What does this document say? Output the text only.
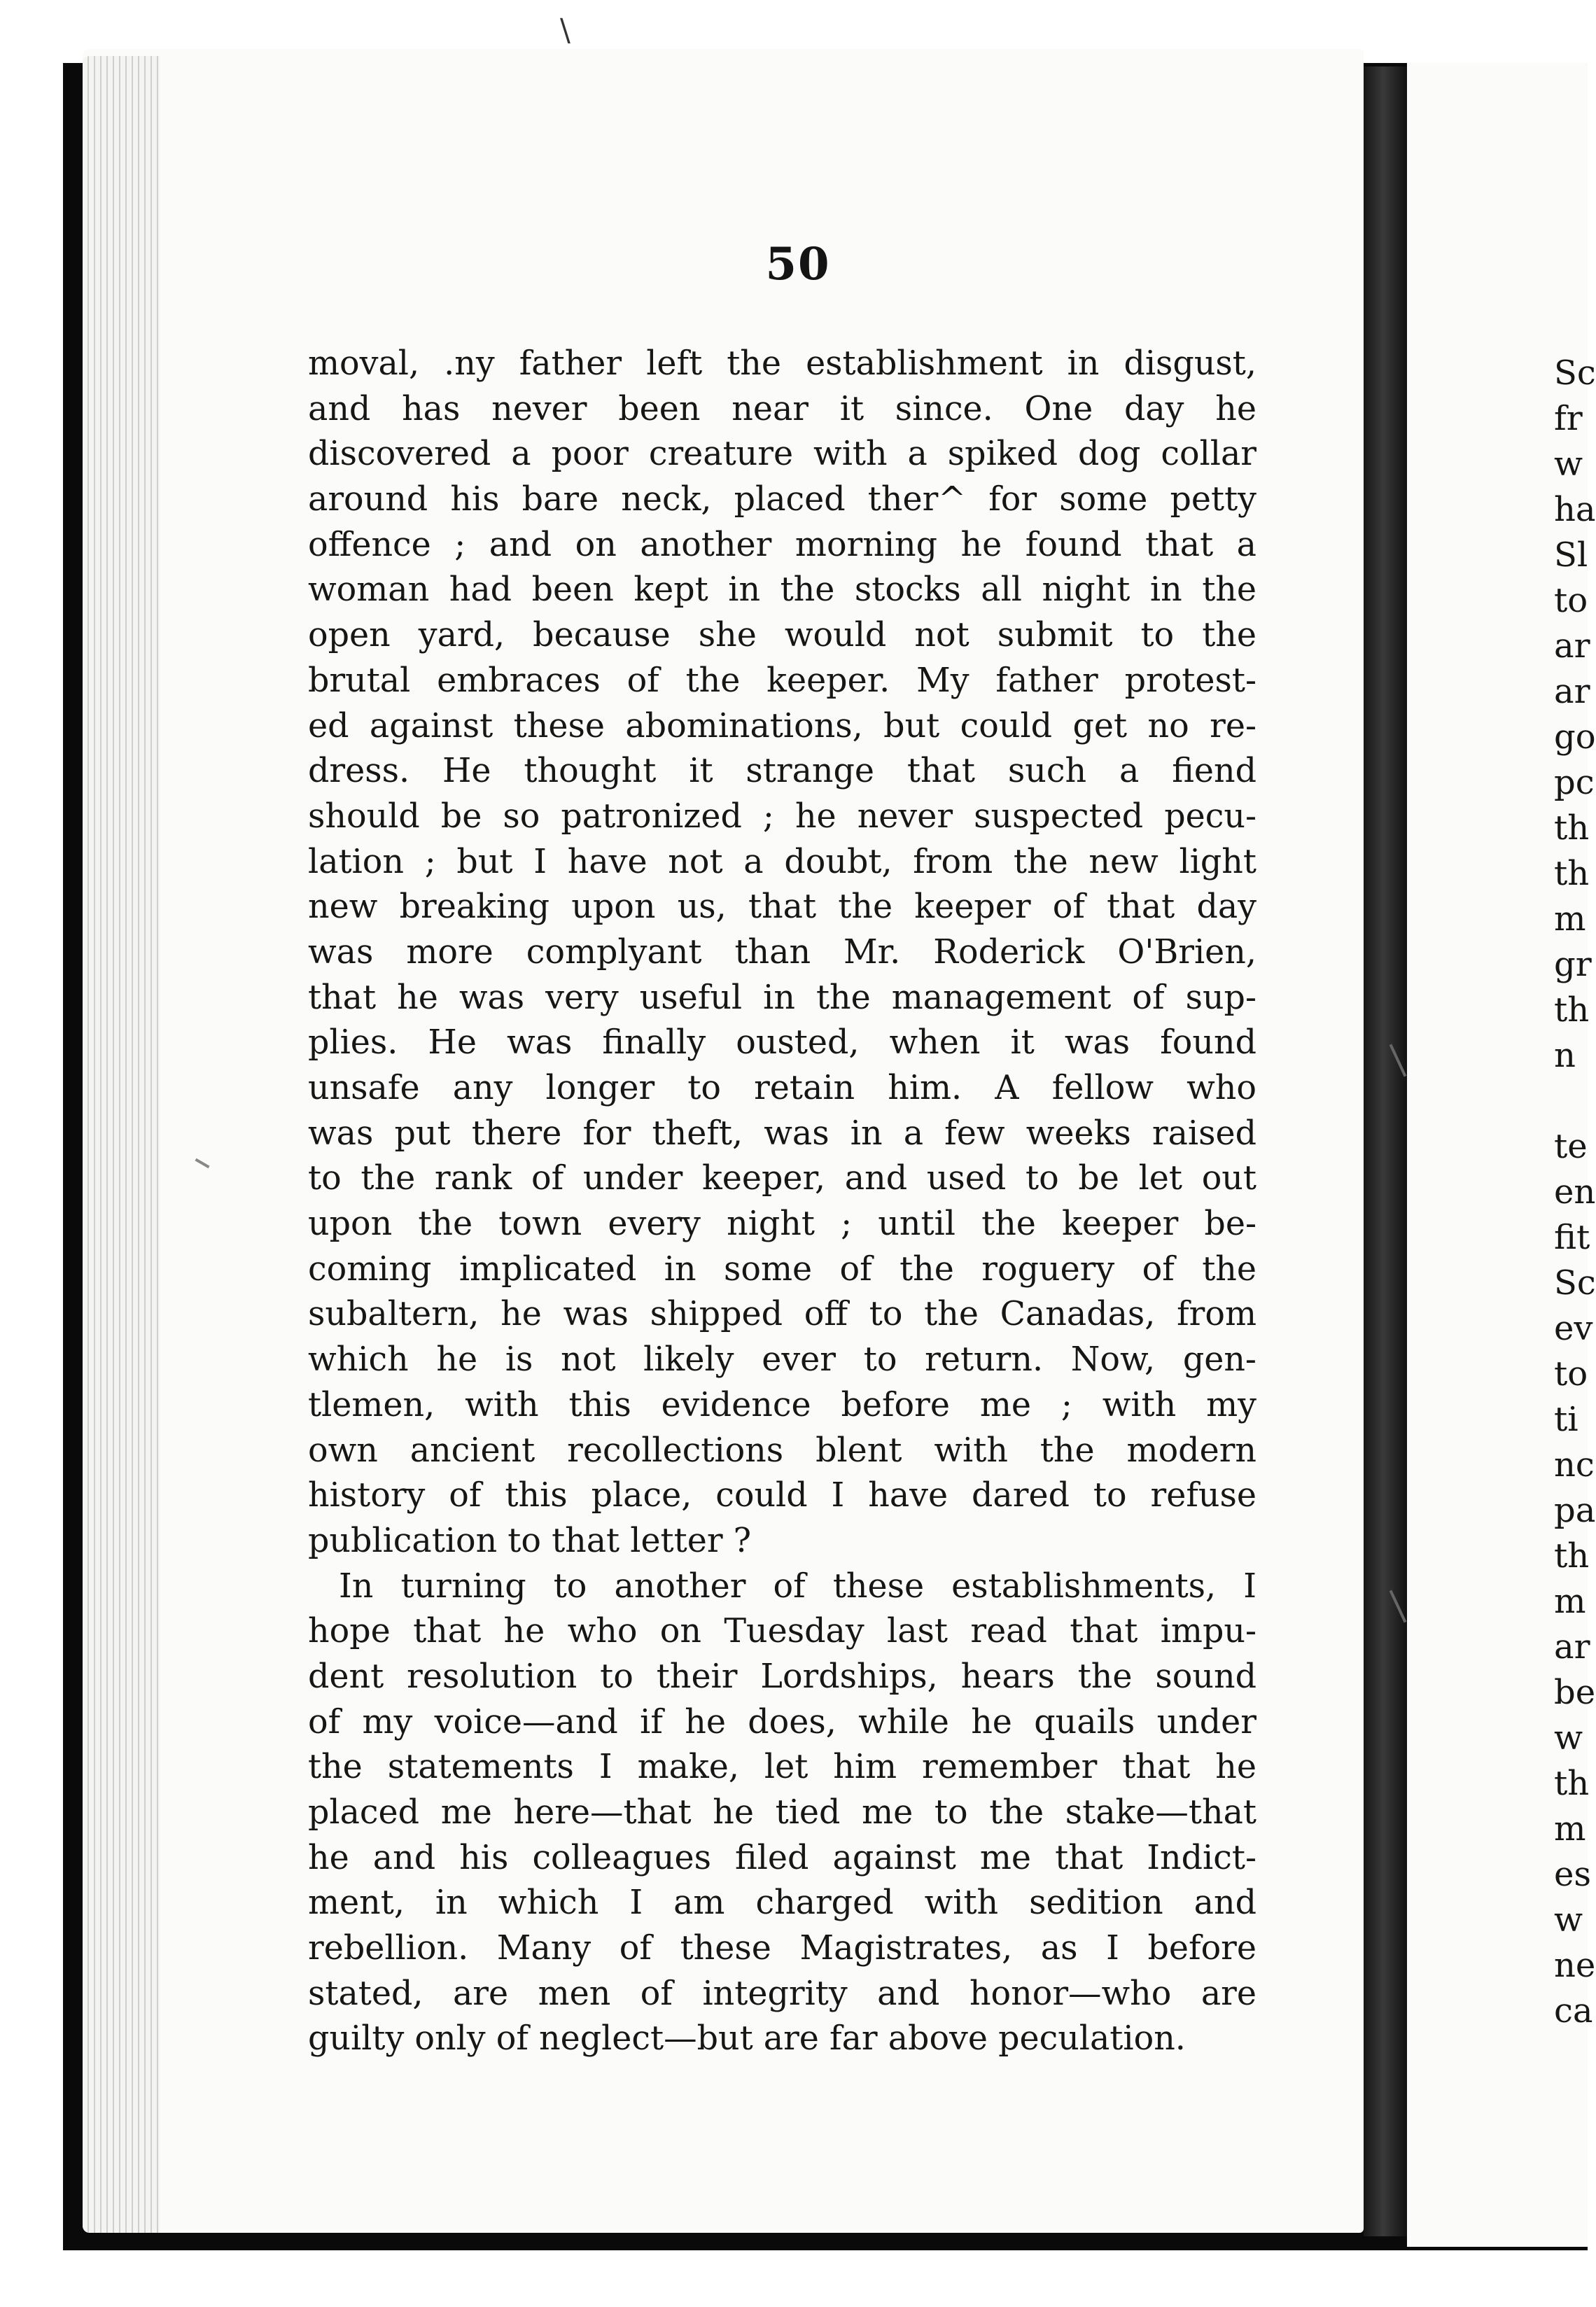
\
50
moval, .ny father left the establishment in disgust,
and has never been near it since. One day he
discovered a poor creature with a spiked dog collar
around his bare neck, placed ther^ for some petty
offence ; and on another morning he found that a
woman had been kept in the stocks all night in the
open yard, because she would not submit to the
brutal embraces of the keeper. My father protest-
ed against these abominations, but could get no re-
dress. He thought it strange that such a fiend
should be so patronized ; he never suspected pecu-
lation ; but I have not a doubt, from the new light
new breaking upon us, that the keeper of that day
was more complyant than Mr. Roderick O'Brien,
that he was very useful in the management of sup-
plies. He was finally ousted, when it was found
unsafe any longer to retain him. A fellow who
was put there for theft, was in a few weeks raised
to the rank of under keeper, and used to be let out
upon the town every night ; until the keeper be-
coming implicated in some of the roguery of the
subaltern, he was shipped off to the Canadas, from
which he is not likely ever to return. Now, gen-
tlemen, with this evidence before me ; with my
own ancient recollections blent with the modern
history of this place, could I have dared to refuse
publication to that letter ?
In turning to another of these establishments, I
hope that he who on Tuesday last read that impu-
dent resolution to their Lordships, hears the sound
of my voice—and if he does, while he quails under
the statements I make, let him remember that he
placed me here—that he tied me to the stake—that
he and his colleagues filed against me that Indict-
ment, in which I am charged with sedition and
rebellion. Many of these Magistrates, as I before
stated, are men of integrity and honor—who are
guilty only of neglect—but are far above peculation.
Sc
fr
w
ha
Sl
to
ar
ar
go
pc
th
th
m
gr
th
n
te
en
fit
Sc
ev
to
ti
nc
pa
th
m
ar
be
w
th
m
es
w
ne
ca
